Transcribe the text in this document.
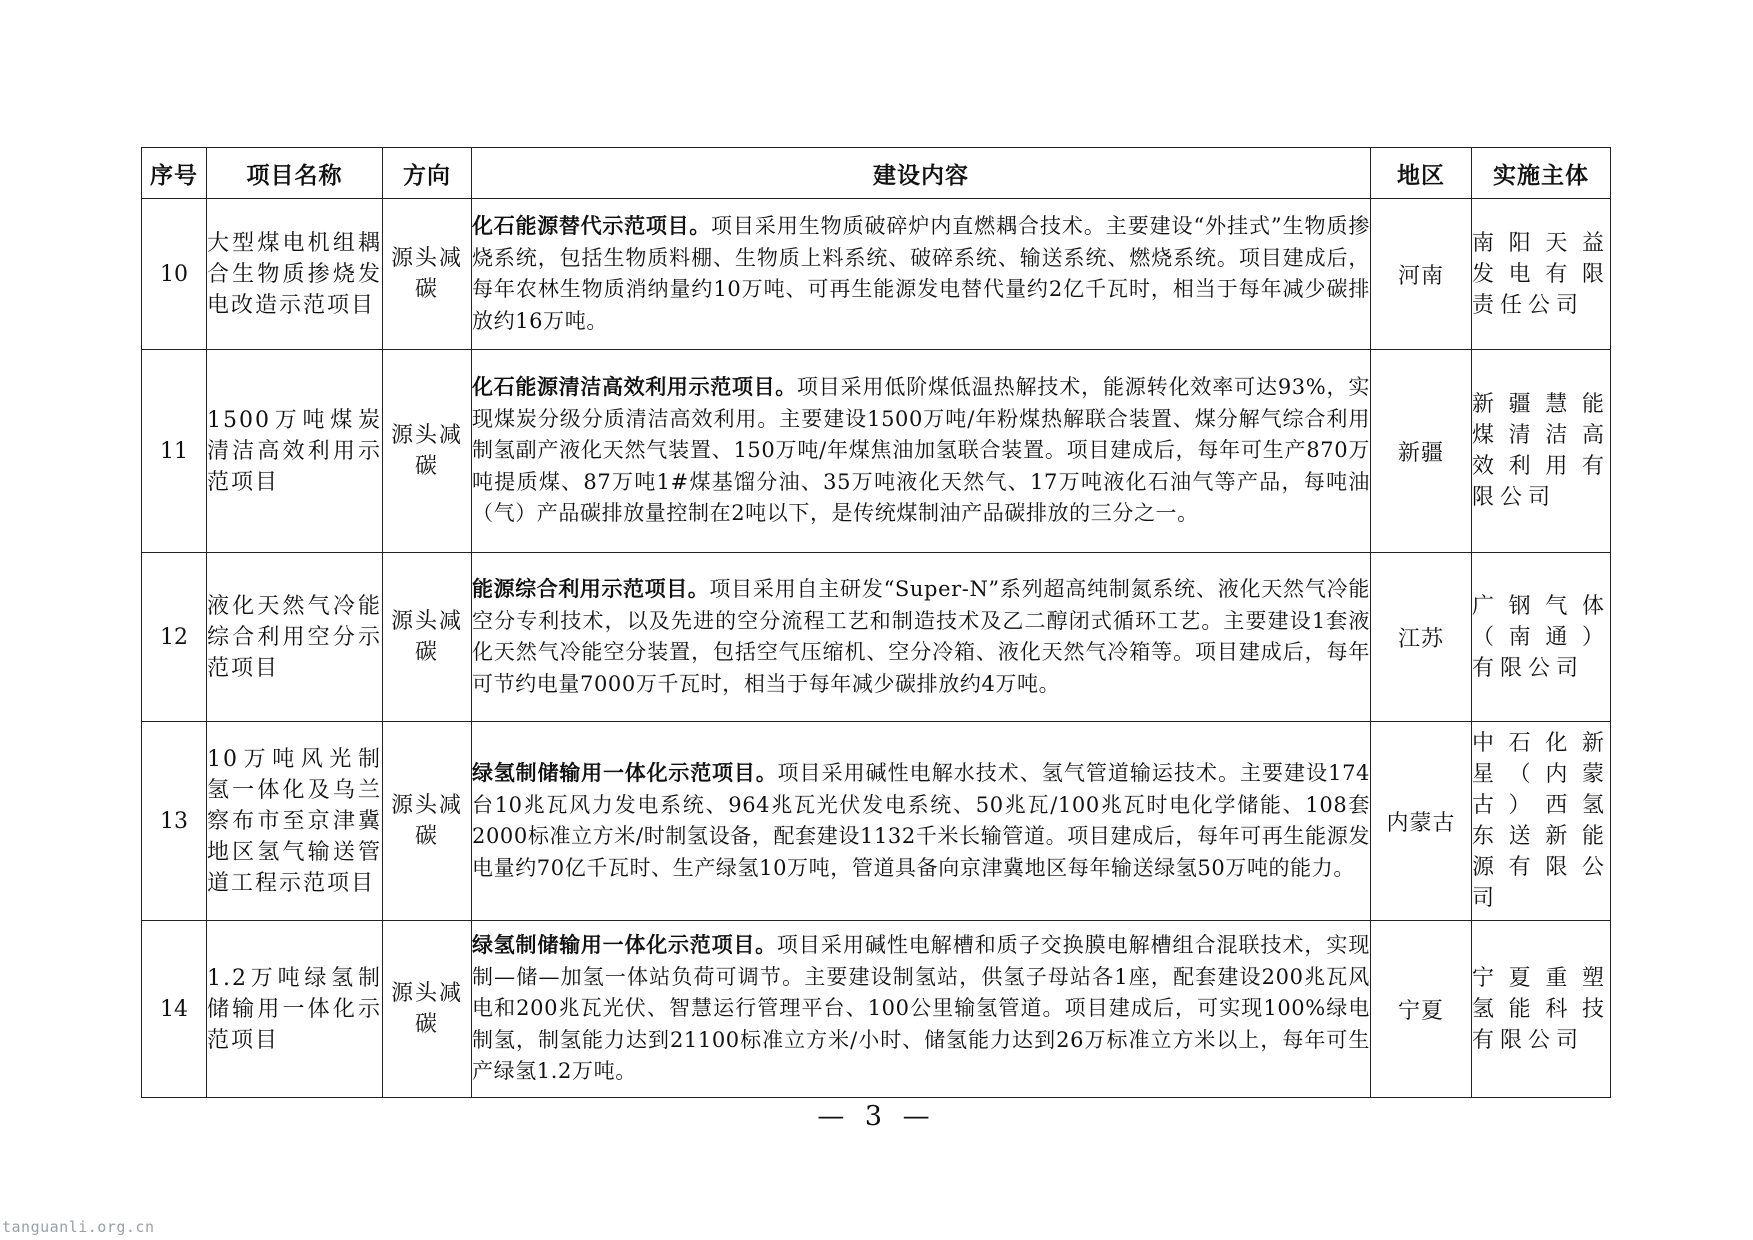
序号	项目名称	方向	建设内容	地区	实施主体
10	大型煤电机组耦合生物质掺烧发电改造示范项目	源头减碳	化石能源替代示范项目。项目采用生物质破碎炉内直燃耦合技术。主要建设“外挂式”生物质掺烧系统，包括生物质料棚、生物质上料系统、破碎系统、输送系统、燃烧系统。项目建成后，每年农林生物质消纳量约10万吨、可再生能源发电替代量约2亿千瓦时，相当于每年减少碳排放约16万吨。	河南	南阳天益发电有限责任公司
11	1500万吨煤炭清洁高效利用示范项目	源头减碳	化石能源清洁高效利用示范项目。项目采用低阶煤低温热解技术，能源转化效率可达93%，实现煤炭分级分质清洁高效利用。主要建设1500万吨/年粉煤热解联合装置、煤分解气综合利用制氢副产液化天然气装置、150万吨/年煤焦油加氢联合装置。项目建成后，每年可生产870万吨提质煤、87万吨1#煤基馏分油、35万吨液化天然气、17万吨液化石油气等产品，每吨油（气）产品碳排放量控制在2吨以下，是传统煤制油产品碳排放的三分之一。	新疆	新疆慧能煤清洁高效利用有限公司
12	液化天然气冷能综合利用空分示范项目	源头减碳	能源综合利用示范项目。项目采用自主研发“Super-N”系列超高纯制氮系统、液化天然气冷能空分专利技术，以及先进的空分流程工艺和制造技术及乙二醇闭式循环工艺。主要建设1套液化天然气冷能空分装置，包括空气压缩机、空分冷箱、液化天然气冷箱等。项目建成后，每年可节约电量7000万千瓦时，相当于每年减少碳排放约4万吨。	江苏	广钢气体（南通）有限公司
13	10万吨风光制氢一体化及乌兰察布市至京津冀地区氢气输送管道工程示范项目	源头减碳	绿氢制储输用一体化示范项目。项目采用碱性电解水技术、氢气管道输运技术。主要建设174台10兆瓦风力发电系统、964兆瓦光伏发电系统、50兆瓦/100兆瓦时电化学储能、108套2000标准立方米/时制氢设备，配套建设1132千米长输管道。项目建成后，每年可再生能源发电量约70亿千瓦时、生产绿氢10万吨，管道具备向京津冀地区每年输送绿氢50万吨的能力。	内蒙古	中石化新星（内蒙古）西氢东送新能源有限公司
14	1.2万吨绿氢制储输用一体化示范项目	源头减碳	绿氢制储输用一体化示范项目。项目采用碱性电解槽和质子交换膜电解槽组合混联技术，实现制—储—加氢一体站负荷可调节。主要建设制氢站，供氢子母站各1座，配套建设200兆瓦风电和200兆瓦光伏、智慧运行管理平台、100公里输氢管道。项目建成后，可实现100%绿电制氢，制氢能力达到21100标准立方米/小时、储氢能力达到26万标准立方米以上，每年可生产绿氢1.2万吨。	宁夏	宁夏重塑氢能科技有限公司
— 3 —
tanguanli.org.cn
